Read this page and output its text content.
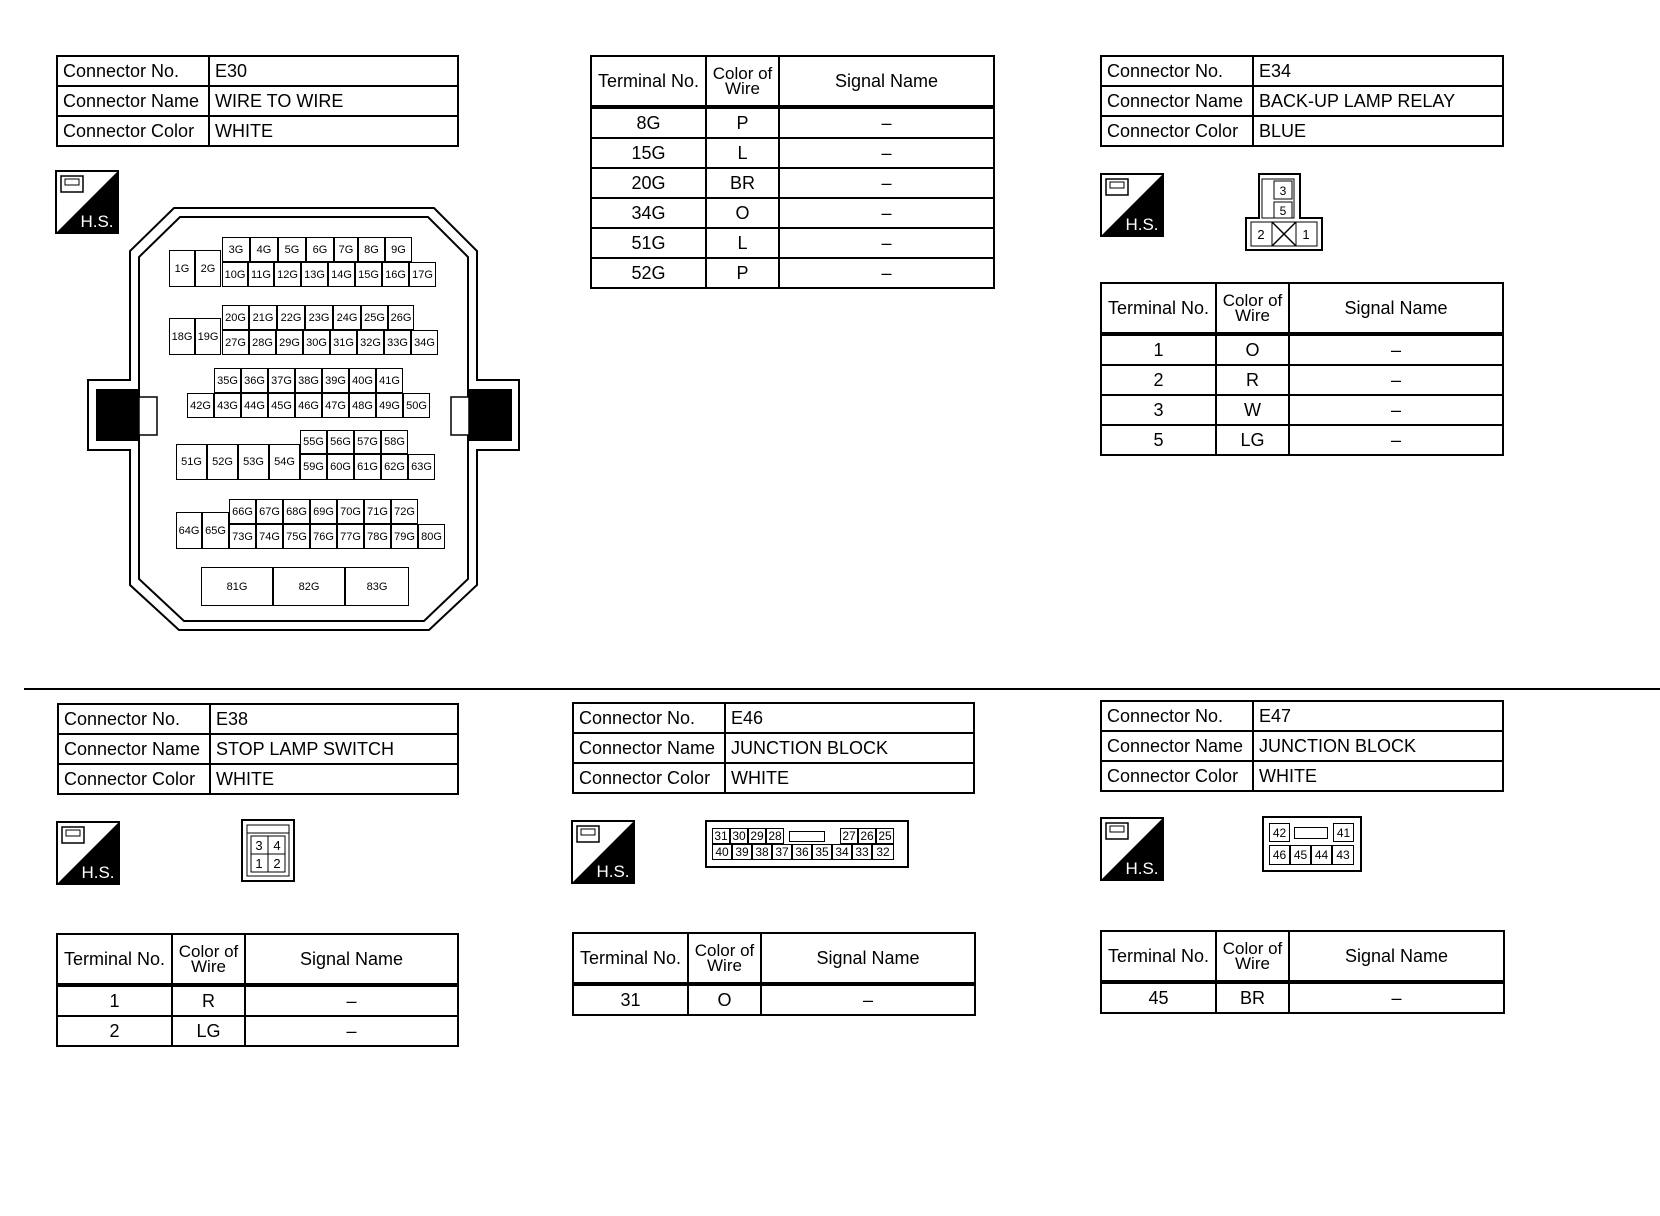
Connector No.	E30
Connector Name	WIRE TO WIRE
Connector Color	WHITE
H.S.
3G	4G	5G	6G	7G 8G	9G
1G	2G 10G 11G 12G 13G 14G 15G 16G 17G
20G 21G 22G 23G 24G 25G 26G
18G 19G 27G 28G 29G 30G 31G 32G 33G 34G
35G 36G 37G 38G 39G 40G 41G
42G 43G 44G 45G 46G 47G 48G 49G 50G
51G 52G 53G 54G
55G 56G 57G 58G
59G 60G 61G 62G 63G
66G 67G 68G 69G 70G 71G 72G
64G 65G 73G 74G 75G 76G 77G 78G 79G 80G
81G	82G	83G
Terminal No.	Color of Wire	Signal Name
8G	P	–
15G	L	–
20G	BR	–
34G	O	–
51G	L	–
52G	P	–
Connector No.	E34
Connector Name	BACK-UP LAMP RELAY
Connector Color	BLUE
H.S.
3
5
2	1
Terminal No.	Color of Wire	Signal Name
1	O	–
2	R	–
3	W	–
5	LG	–
Connector No.	E38
Connector Name	STOP LAMP SWITCH
Connector Color	WHITE
H.S.
3 4
1 2
Terminal No.	Color of Wire	Signal Name
1	R	–
2	LG	–
Connector No.	E46
Connector Name	JUNCTION BLOCK
Connector Color	WHITE
H.S.
31 30 29 28	27 26 25
40 39 38 37 36 35 34 33 32
Terminal No.	Color of Wire	Signal Name
31	O	–
Connector No.	E47
Connector Name	JUNCTION BLOCK
Connector Color	WHITE
H.S.
42	41
46 45 44 43
Terminal No.	Color of Wire	Signal Name
45	BR	–
